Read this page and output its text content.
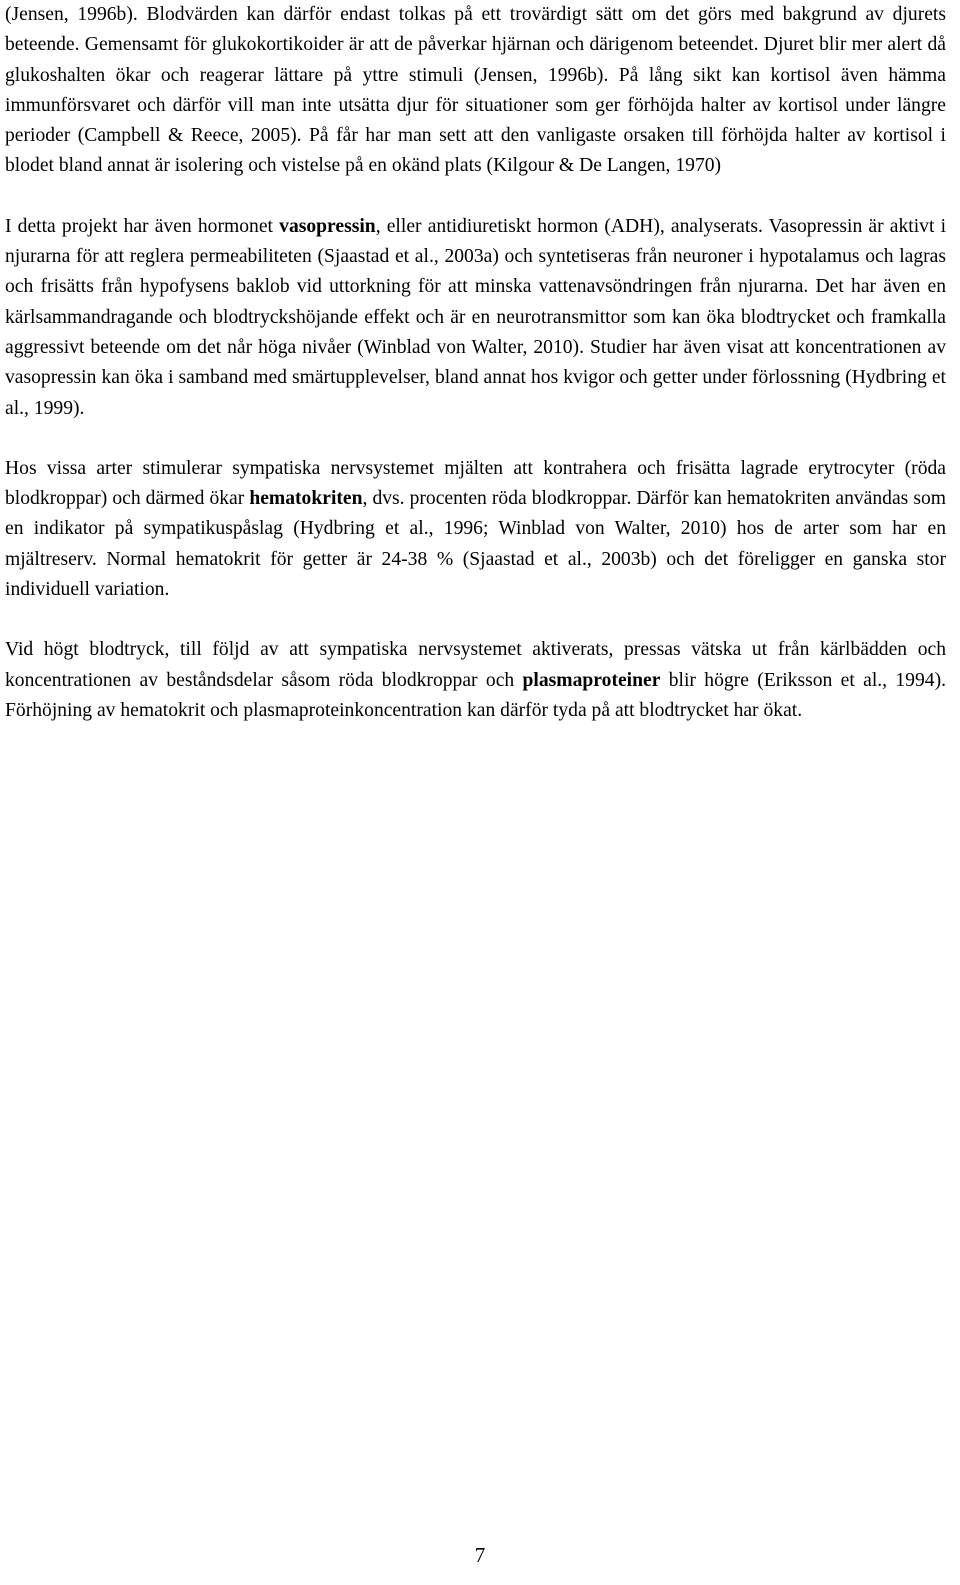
(Jensen, 1996b). Blodvärden kan därför endast tolkas på ett trovärdigt sätt om det görs med bakgrund av djurets beteende. Gemensamt för glukokortikoider är att de påverkar hjärnan och därigenom beteendet. Djuret blir mer alert då glukoshalten ökar och reagerar lättare på yttre stimuli (Jensen, 1996b). På lång sikt kan kortisol även hämma immunförsvaret och därför vill man inte utsätta djur för situationer som ger förhöjda halter av kortisol under längre perioder (Campbell & Reece, 2005). På får har man sett att den vanligaste orsaken till förhöjda halter av kortisol i blodet bland annat är isolering och vistelse på en okänd plats (Kilgour & De Langen, 1970)

I detta projekt har även hormonet vasopressin, eller antidiuretiskt hormon (ADH), analyserats. Vasopressin är aktivt i njurarna för att reglera permeabiliteten (Sjaastad et al., 2003a) och syntetiseras från neuroner i hypotalamus och lagras och frisätts från hypofysens baklob vid uttorkning för att minska vattenavsöndringen från njurarna. Det har även en kärlsammandragande och blodtryckshöjande effekt och är en neurotransmittor som kan öka blodtrycket och framkalla aggressivt beteende om det når höga nivåer (Winblad von Walter, 2010). Studier har även visat att koncentrationen av vasopressin kan öka i samband med smärtupplevelser, bland annat hos kvigor och getter under förlossning (Hydbring et al., 1999).

Hos vissa arter stimulerar sympatiska nervsystemet mjälten att kontrahera och frisätta lagrade erytrocyter (röda blodkroppar) och därmed ökar hematokriten, dvs. procenten röda blodkroppar. Därför kan hematokriten användas som en indikator på sympatikuspåslag (Hydbring et al., 1996; Winblad von Walter, 2010) hos de arter som har en mjältreserv. Normal hematokrit för getter är 24-38 % (Sjaastad et al., 2003b) och det föreligger en ganska stor individuell variation.

Vid högt blodtryck, till följd av att sympatiska nervsystemet aktiverats, pressas vätska ut från kärlbädden och koncentrationen av beståndsdelar såsom röda blodkroppar och plasmaproteiner blir högre (Eriksson et al., 1994). Förhöjning av hematokrit och plasmaproteinkoncentration kan därför tyda på att blodtrycket har ökat.

7
